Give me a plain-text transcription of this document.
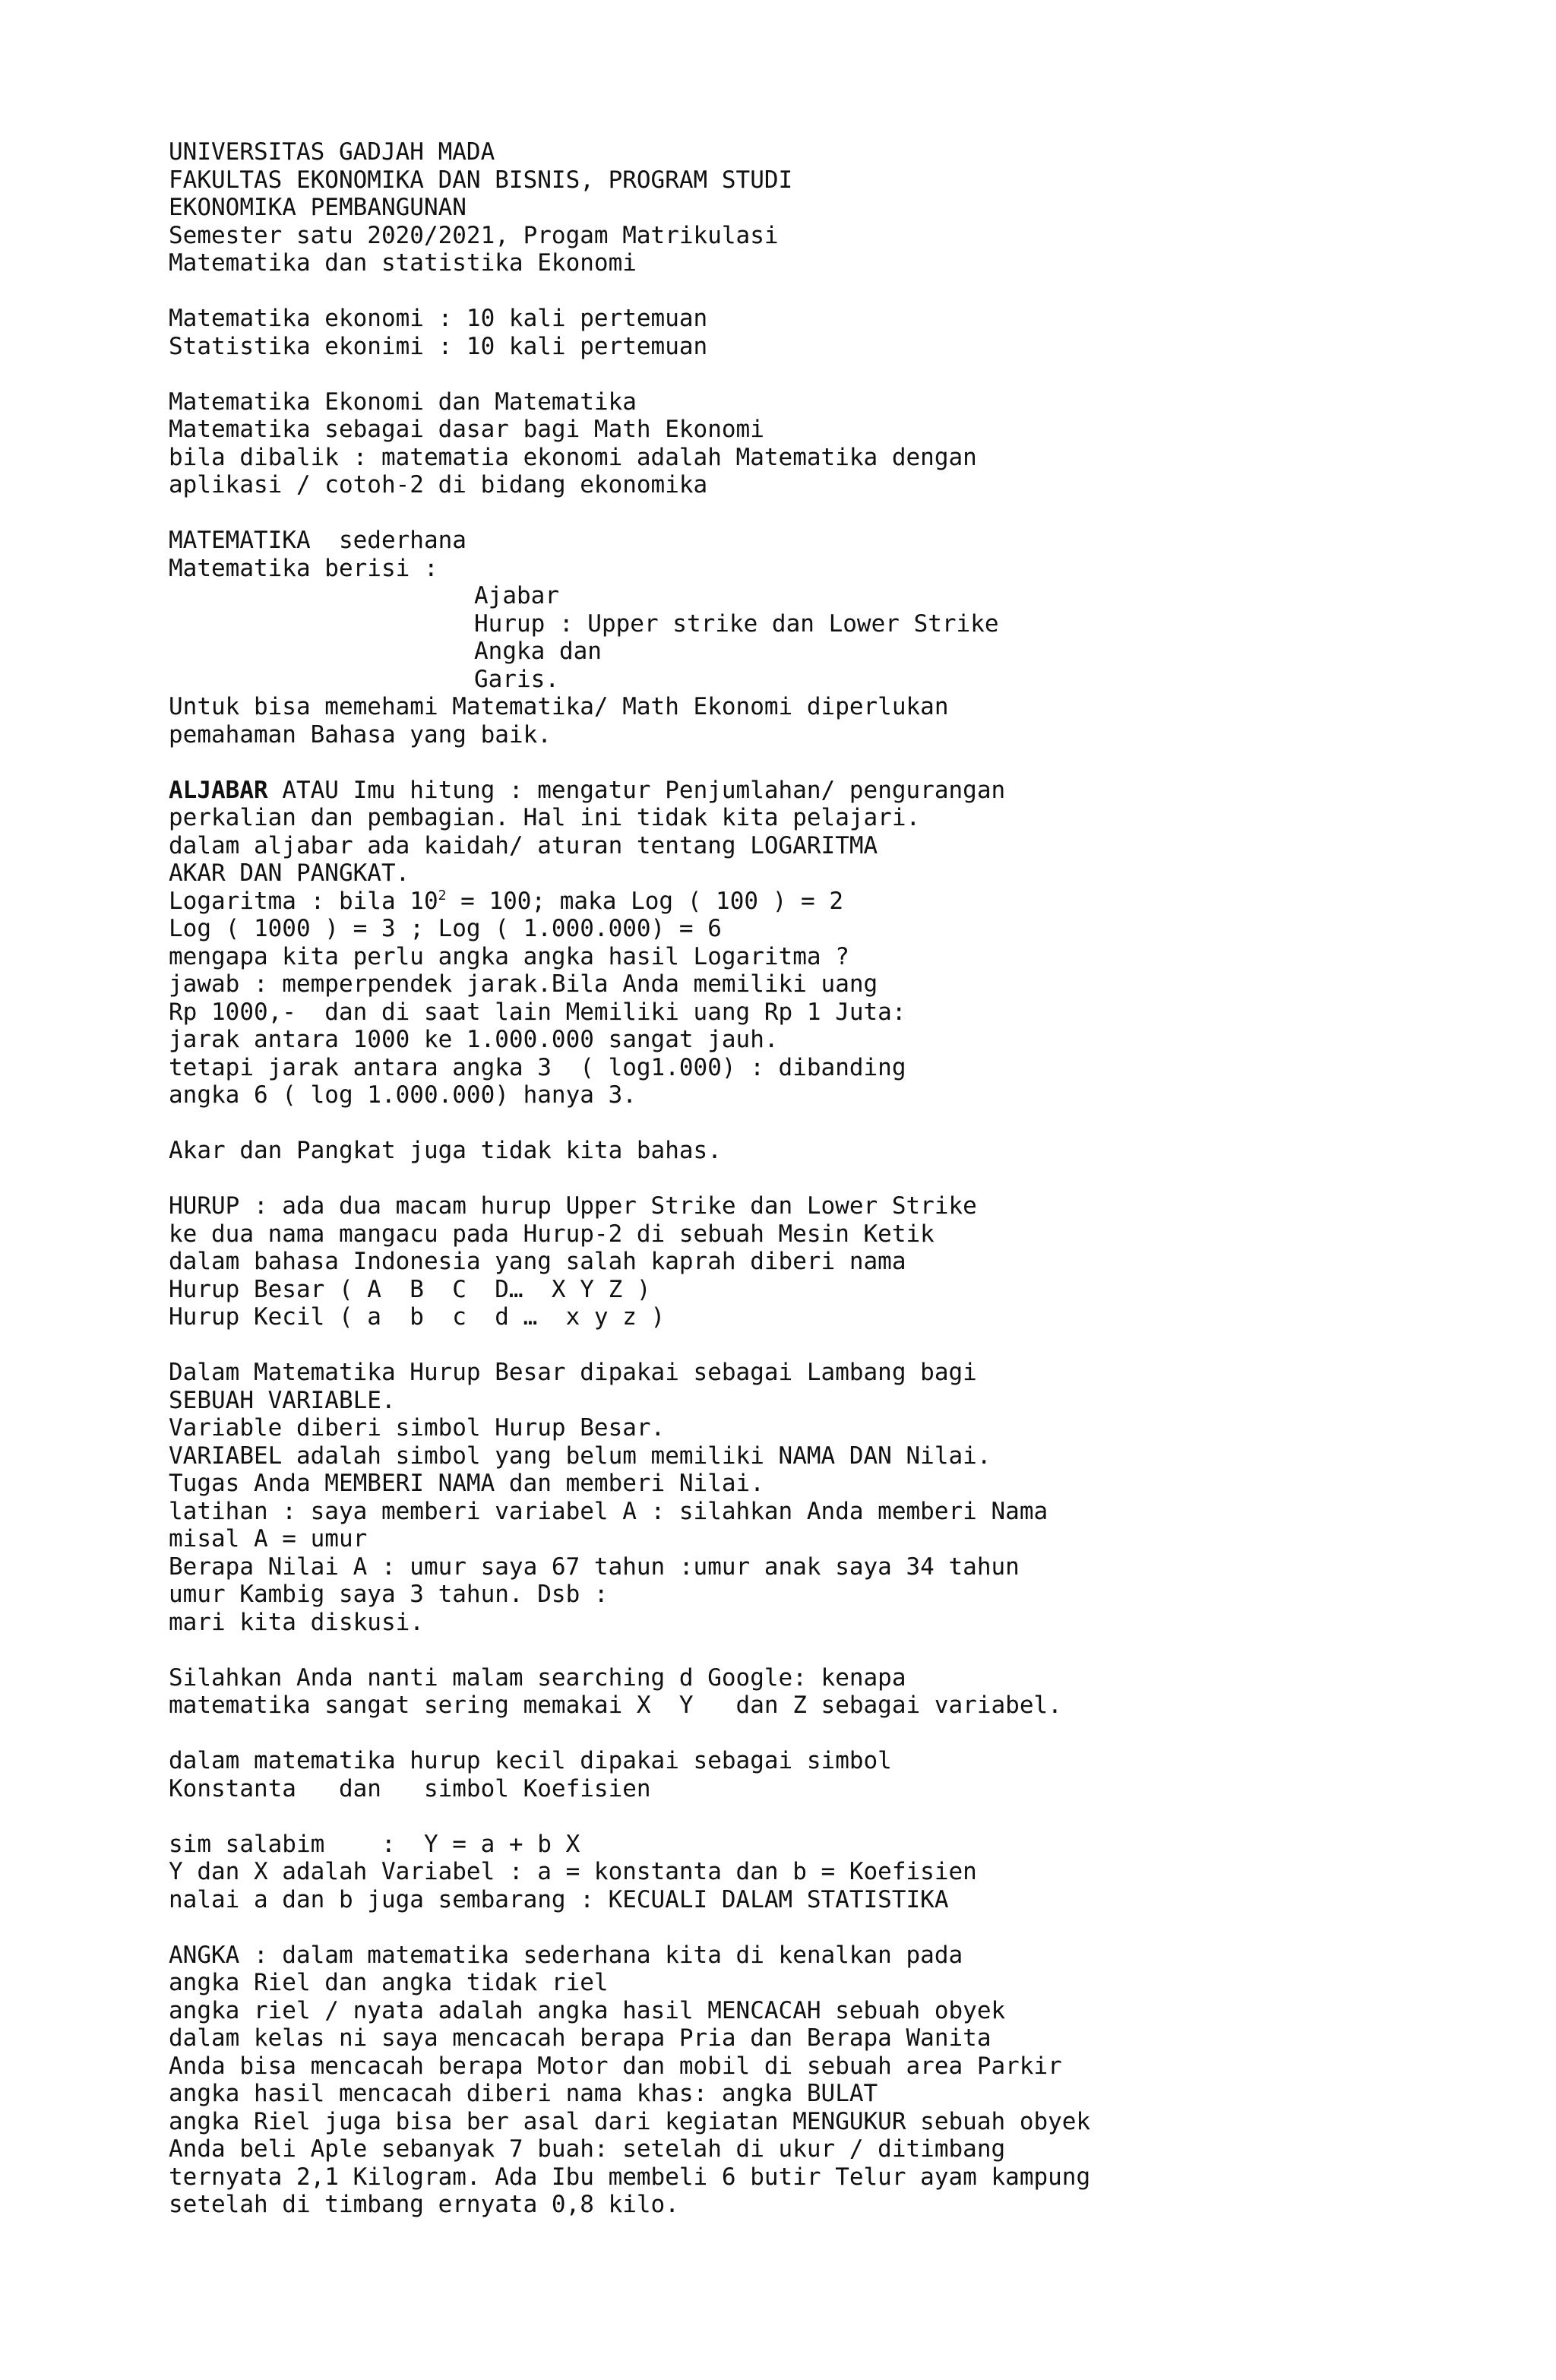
UNIVERSITAS GADJAH MADA
FAKULTAS EKONOMIKA DAN BISNIS, PROGRAM STUDI
EKONOMIKA PEMBANGUNAN
Semester satu 2020/2021, Progam Matrikulasi
Matematika dan statistika Ekonomi
Matematika ekonomi : 10 kali pertemuan
Statistika ekonimi : 10 kali pertemuan
Matematika Ekonomi dan Matematika
Matematika sebagai dasar bagi Math Ekonomi
bila dibalik : matematia ekonomi adalah Matematika dengan
aplikasi / cotoh-2 di bidang ekonomika
MATEMATIKA  sederhana
Matematika berisi :
Ajabar
Hurup : Upper strike dan Lower Strike
Angka dan
Garis.
Untuk bisa memehami Matematika/ Math Ekonomi diperlukan
pemahaman Bahasa yang baik.
ALJABAR ATAU Imu hitung : mengatur Penjumlahan/ pengurangan
perkalian dan pembagian. Hal ini tidak kita pelajari.
dalam aljabar ada kaidah/ aturan tentang LOGARITMA
AKAR DAN PANGKAT.
Logaritma : bila $10^2 = 100$; maka Log ( 100 ) = 2
Log ( 1000 ) = 3 ; Log ( 1.000.000) = 6
mengapa kita perlu angka angka hasil Logaritma ?
jawab : memperpendek jarak.Bila Anda memiliki uang
Rp 1000,-  dan di saat lain Memiliki uang Rp 1 Juta:
jarak antara 1000 ke 1.000.000 sangat jauh.
tetapi jarak antara angka 3  ( log1.000) : dibanding
angka 6 ( log 1.000.000) hanya 3.
Akar dan Pangkat juga tidak kita bahas.
HURUP : ada dua macam hurup Upper Strike dan Lower Strike
ke dua nama mangacu pada Hurup-2 di sebuah Mesin Ketik
dalam bahasa Indonesia yang salah kaprah diberi nama
Hurup Besar ( A  B  C  D…  X Y Z )
Hurup Kecil ( a  b  c  d …  x y z )
Dalam Matematika Hurup Besar dipakai sebagai Lambang bagi
SEBUAH VARIABLE.
Variable diberi simbol Hurup Besar.
VARIABEL adalah simbol yang belum memiliki NAMA DAN Nilai.
Tugas Anda MEMBERI NAMA dan memberi Nilai.
latihan : saya memberi variabel A : silahkan Anda memberi Nama
misal A = umur
Berapa Nilai A : umur saya 67 tahun :umur anak saya 34 tahun
umur Kambig saya 3 tahun. Dsb :
mari kita diskusi.
Silahkan Anda nanti malam searching d Google: kenapa
matematika sangat sering memakai X  Y   dan Z sebagai variabel.
dalam matematika hurup kecil dipakai sebagai simbol
Konstanta   dan   simbol Koefisien
sim salabim    :  Y = a + b X
Y dan X adalah Variabel : a = konstanta dan b = Koefisien
nalai a dan b juga sembarang : KECUALI DALAM STATISTIKA
ANGKA : dalam matematika sederhana kita di kenalkan pada
angka Riel dan angka tidak riel
angka riel / nyata adalah angka hasil MENCACAH sebuah obyek
dalam kelas ni saya mencacah berapa Pria dan Berapa Wanita
Anda bisa mencacah berapa Motor dan mobil di sebuah area Parkir
angka hasil mencacah diberi nama khas: angka BULAT
angka Riel juga bisa ber asal dari kegiatan MENGUKUR sebuah obyek
Anda beli Aple sebanyak 7 buah: setelah di ukur / ditimbang
ternyata 2,1 Kilogram. Ada Ibu membeli 6 butir Telur ayam kampung
setelah di timbang ernyata 0,8 kilo.
